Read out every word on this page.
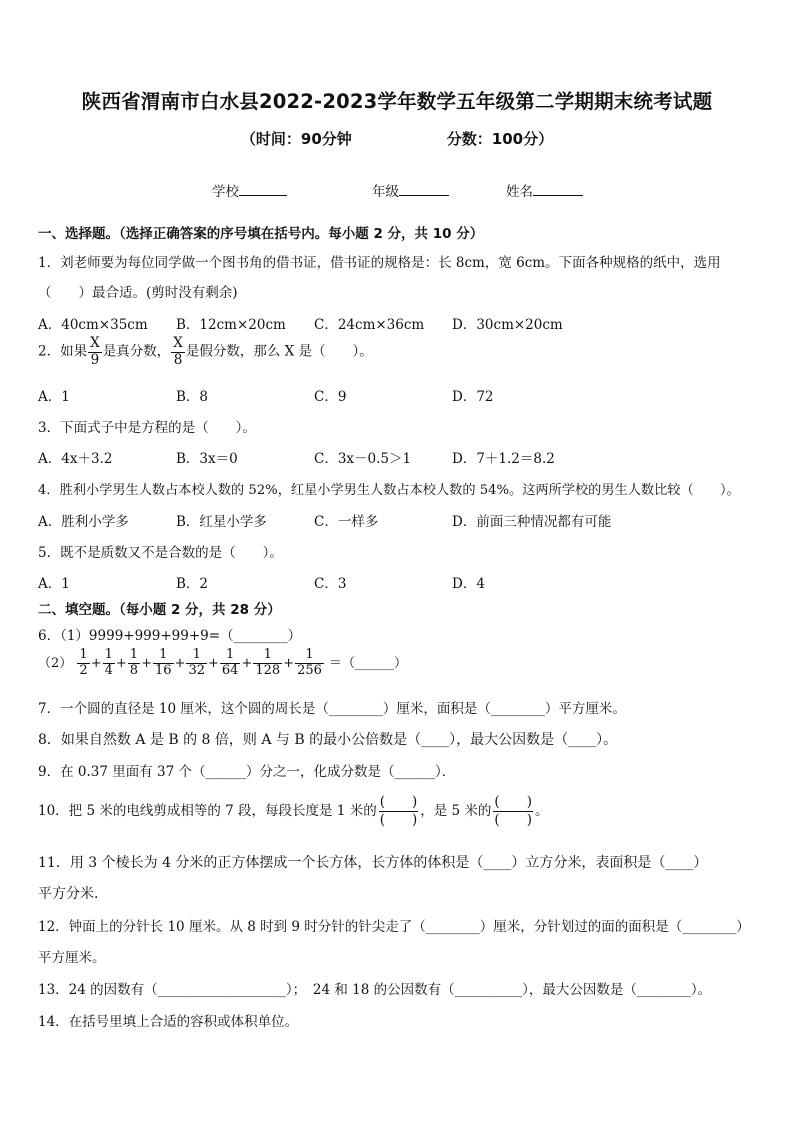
陕西省渭南市白水县2022-2023学年数学五年级第二学期期末统考试题
（时间：90分钟	分数：100分）
学校	年级	姓名
一、选择题。（选择正确答案的序号填在括号内。每小题 2 分，共 10 分）
1．刘老师要为每位同学做一个图书角的借书证，借书证的规格是：长 8cm，宽 6cm。下面各种规格的纸中，选用
（　　）最合适。(剪时没有剩余)
A．40cm×35cm B．12cm×20cm C．24cm×36cm D．30cm×20cm
2．如果 $\frac{X}{9}$ 是真分数， $\frac{X}{8}$ 是假分数，那么 X 是（　　）。
A．1	B．8	C．9	D．72
3．下面式子中是方程的是（　　）。
A．4x＋3.2	B．3x＝0	C．3x－0.5＞1	D．7＋1.2＝8.2
4．胜利小学男生人数占本校人数的 52%，红星小学男生人数占本校人数的 54%。这两所学校的男生人数比较（　　）。
A．胜利小学多	B．红星小学多	C．一样多	D．前面三种情况都有可能
5．既不是质数又不是合数的是（　　）。
A．1	B．2	C．3	D．4
二、填空题。（每小题 2 分，共 28 分）
6．（1）9999+999+99+9=（________）
$(2) \frac{1}{2} + \frac{1}{4} + \frac{1}{8} + \frac{1}{16} + \frac{1}{32} + \frac{1}{64} + \frac{1}{128} + \frac{1}{256}$ ＝（______）
7．一个圆的直径是 10 厘米，这个圆的周长是（________）厘米，面积是（________）平方厘米。
8．如果自然数 A 是 B 的 8 倍，则 A 与 B 的最小公倍数是（____），最大公因数是（____）。
9．在 0.37 里面有 37 个（______）分之一，化成分数是（______）．
10．把 5 米的电线剪成相等的 7 段，每段长度是 1 米的 $\frac{( )}{( )}$ ，是 5 米的 $\frac{( )}{( )}$ 。
11．用 3 个棱长为 4 分米的正方体摆成一个长方体，长方体的体积是（____）立方分米，表面积是（____）
平方分米．
12．钟面上的分针长 10 厘米。从 8 时到 9 时分针的针尖走了（________）厘米，分针划过的面的面积是（________）
平方厘米。
13．24 的因数有（___________________）；　24 和 18 的公因数有（__________），最大公因数是（________）。
14．在括号里填上合适的容积或体积单位。
